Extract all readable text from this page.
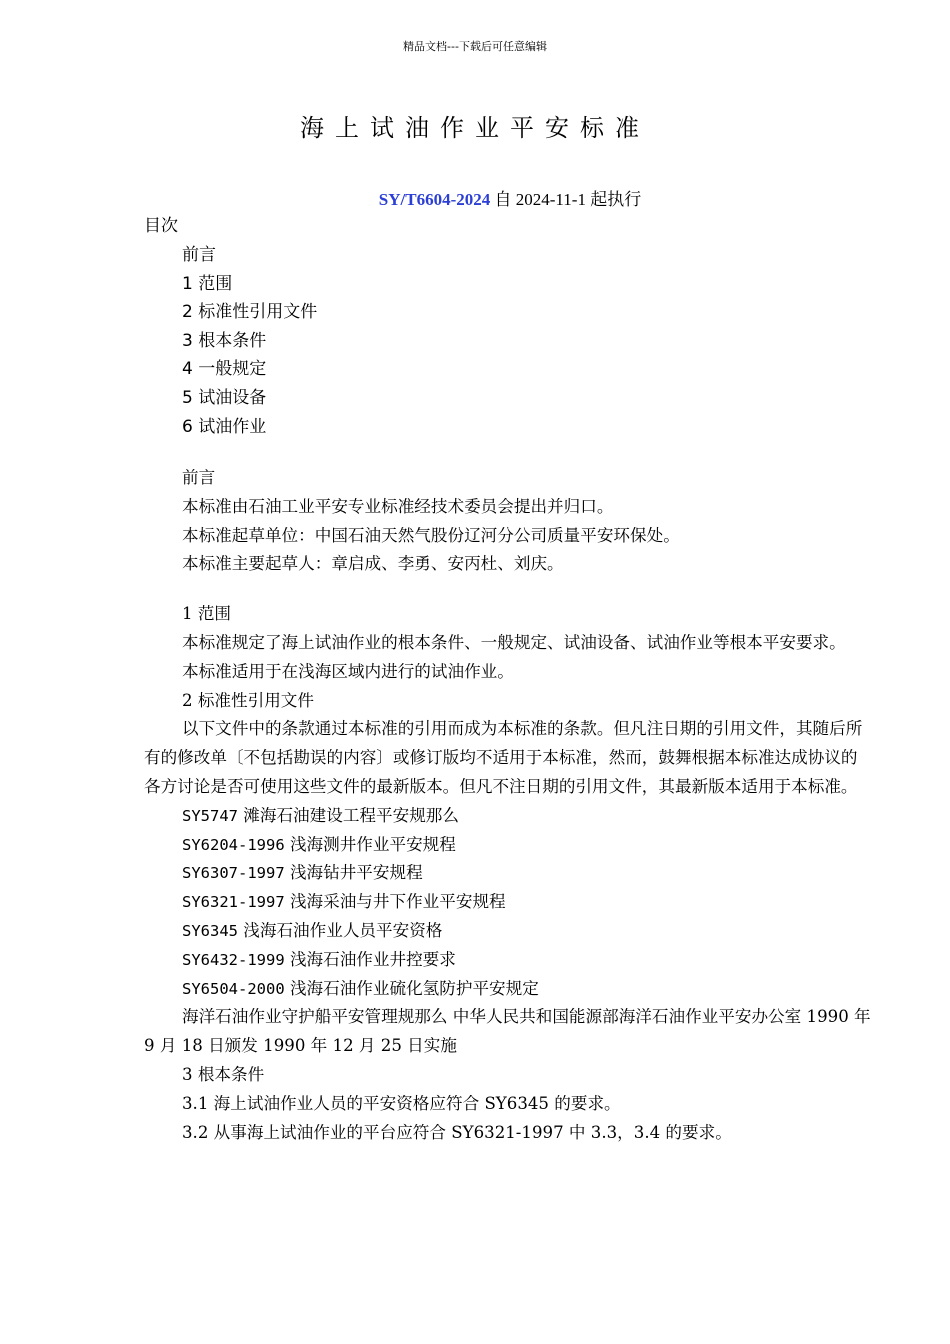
精品文档---下载后可任意编辑
海上试油作业平安标准
SY/T6604-2024 自 2024-11-1 起执行
目次
前言
1 范围
2 标准性引用文件
3 根本条件
4 一般规定
5 试油设备
6 试油作业

前言

本标准由石油工业平安专业标准经技术委员会提出并归口。

本标准起草单位：中国石油天然气股份辽河分公司质量平安环保处。

本标准主要起草人：章启成、李勇、安丙杜、刘庆。

1 范围

本标准规定了海上试油作业的根本条件、一般规定、试油设备、试油作业等根本平安要求。

本标准适用于在浅海区域内进行的试油作业。

2 标准性引用文件

以下文件中的条款通过本标准的引用而成为本标准的条款。但凡注日期的引用文件，其随后所有的修改单〔不包括勘误的内容〕或修订版均不适用于本标准，然而，鼓舞根据本标准达成协议的各方讨论是否可使用这些文件的最新版本。但凡不注日期的引用文件，其最新版本适用于本标准。

SY5747 滩海石油建设工程平安规那么

SY6204-1996 浅海测井作业平安规程

SY6307-1997 浅海钻井平安规程

SY6321-1997 浅海采油与井下作业平安规程

SY6345 浅海石油作业人员平安资格

SY6432-1999 浅海石油作业井控要求

SY6504-2000 浅海石油作业硫化氢防护平安规定

海洋石油作业守护船平安管理规那么 中华人民共和国能源部海洋石油作业平安办公室 1990 年 9 月 18 日颁发 1990 年 12 月 25 日实施

3 根本条件

3.1 海上试油作业人员的平安资格应符合 SY6345 的要求。

3.2 从事海上试油作业的平台应符合 SY6321-1997 中 3.3，3.4 的要求。
